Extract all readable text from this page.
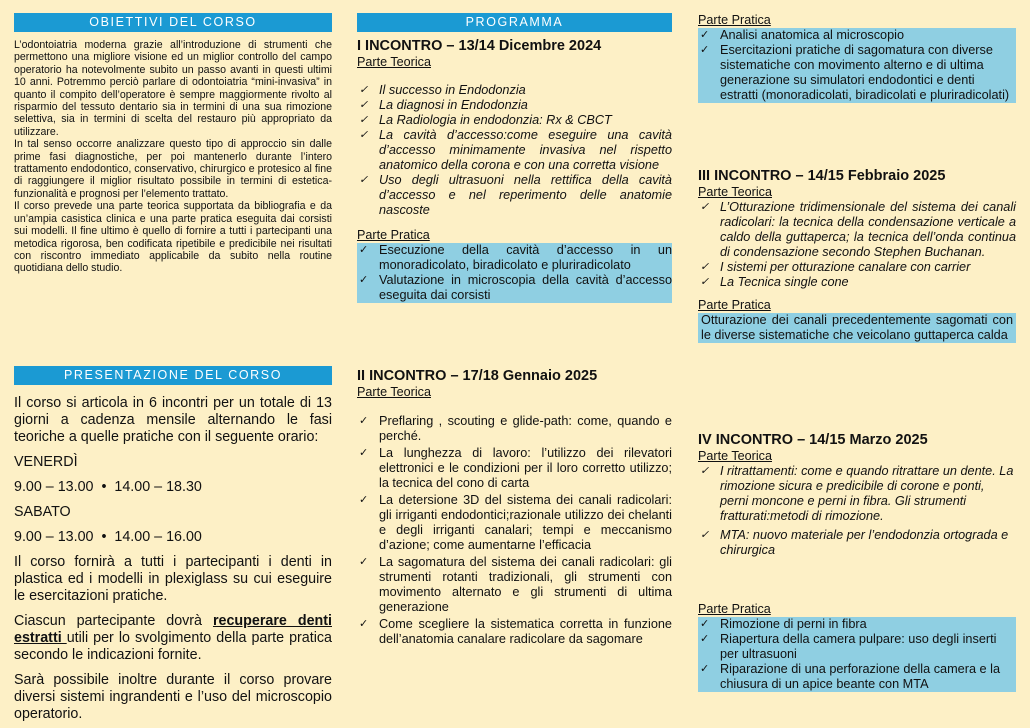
OBIETTIVI DEL CORSO

L’odontoiatria moderna grazie all’introduzione di strumenti che permettono una migliore visione ed un miglior controllo del campo operatorio ha notevolmente subito un passo avanti in questi ultimi 10 anni. Potremmo perciò parlare di odontoiatria “mini-invasiva” in quanto il compito dell’operatore è sempre maggiormente rivolto al risparmio del tessuto dentario sia in termini di una sua rimozione selettiva, sia in termini di scelta del restauro più appropriato da utilizzare.

In tal senso occorre analizzare questo tipo di approccio sin dalle prime fasi diagnostiche, per poi mantenerlo durante l’intero trattamento endodontico, conservativo, chirurgico e protesico al fine di raggiungere il miglior risultato possibile in termini di estetica-funzionalità e prognosi per l’elemento trattato.

Il corso prevede una parte teorica supportata da bibliografia e da un’ampia casistica clinica e una parte pratica eseguita dai corsisti sui modelli. Il fine ultimo è quello di fornire a tutti i partecipanti una metodica rigorosa, ben codificata ripetibile e predicibile nei risultati con riscontro immediato applicabile da subito nella routine quotidiana dello studio.

PRESENTAZIONE DEL CORSO

Il corso si articola in 6 incontri per un totale di 13 giorni a cadenza mensile alternando le fasi teoriche a quelle pratiche con il seguente orario:

VENERDÌ

9.00 – 13.00  •  14.00 – 18.30

SABATO

9.00 – 13.00  •  14.00 – 16.00

Il corso fornirà a tutti i partecipanti i denti in plastica ed i modelli in plexiglass su cui eseguire le esercitazioni pratiche.

Ciascun partecipante dovrà recuperare denti estratti utili per lo svolgimento della parte pratica secondo le indicazioni fornite.

Sarà possibile inoltre durante il corso provare diversi sistemi ingrandenti e l’uso del microscopio operatorio.

PROGRAMMA
I INCONTRO – 13/14 Dicembre 2024
Parte Teorica
✓ Il successo in Endodonzia
✓ La diagnosi in Endodonzia
✓ La Radiologia in endodonzia: Rx & CBCT
✓ La cavità d’accesso:come eseguire una cavità d’accesso minimamente invasiva nel rispetto anatomico della corona e con una corretta visione
✓ Uso degli ultrasuoni nella rettifica della cavità d’accesso e nel reperimento delle anatomie nascoste
Parte Pratica
✓ Esecuzione della cavità d’accesso in un monoradicolato, biradicolato e pluriradicolato
✓ Valutazione in microscopia della cavità d’accesso eseguita dai corsisti
II INCONTRO – 17/18 Gennaio 2025
Parte Teorica
✓ Preflaring , scouting e glide-path: come, quando e perché.
✓ La lunghezza di lavoro: l’utilizzo dei rilevatori elettronici e le condizioni per il loro corretto utilizzo; la tecnica del cono di carta
✓ La detersione 3D del sistema dei canali radicolari: gli irriganti endodontici;razionale utilizzo dei chelanti e degli irriganti canalari; tempi e meccanismo d’azione; come aumentarne l’efficacia
✓ La sagomatura del sistema dei canali radicolari: gli strumenti rotanti tradizionali, gli strumenti con movimento alternato e gli strumenti di ultima generazione
✓ Come scegliere la sistematica corretta in funzione dell’anatomia canalare radicolare da sagomare
Parte Pratica
✓ Analisi anatomica al microscopio
✓ Esercitazioni pratiche di sagomatura con diverse sistematiche con movimento alterno e di ultima generazione su simulatori endodontici e denti estratti (monoradicolati, biradicolati e pluriradicolati)
III INCONTRO – 14/15 Febbraio 2025
Parte Teorica
✓ L’Otturazione tridimensionale del sistema dei canali radicolari: la tecnica della condensazione verticale a caldo della guttaperca; la tecnica dell’onda continua di condensazione secondo Stephen Buchanan.
✓ I sistemi per otturazione canalare con carrier
✓ La Tecnica single cone
Parte Pratica
Otturazione dei canali precedentemente sagomati con le diverse sistematiche che veicolano guttaperca calda
IV INCONTRO – 14/15 Marzo 2025
Parte Teorica
✓ I ritrattamenti: come e quando ritrattare un dente. La rimozione sicura e predicibile di corone e ponti, perni moncone e perni in fibra. Gli strumenti fratturati:metodi di rimozione.
✓ MTA: nuovo materiale per l’endodonzia ortograda e chirurgica
Parte Pratica
✓ Rimozione di perni in fibra
✓ Riapertura della camera pulpare: uso degli inserti per ultrasuoni
✓ Riparazione di una perforazione della camera e la chiusura di un apice beante con MTA
